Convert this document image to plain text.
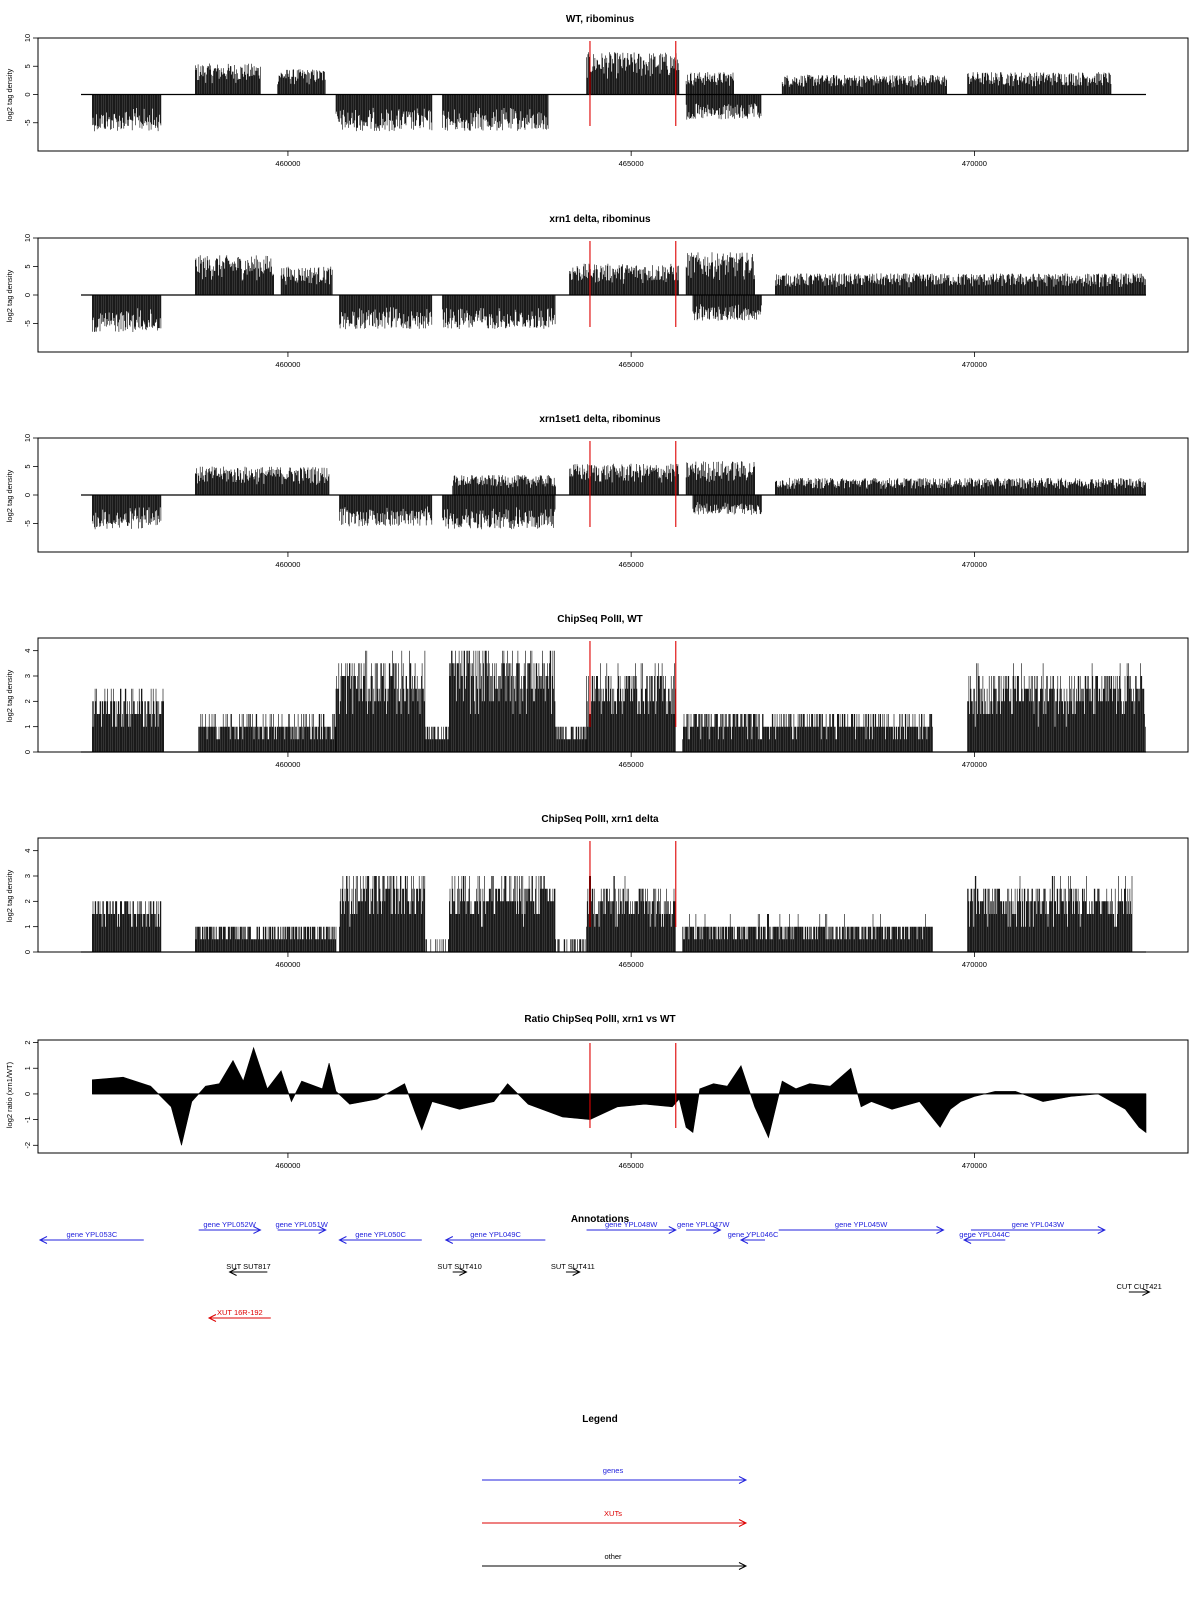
WT, ribominus
log2 tag density
-5
0
5
10
460000	465000	470000
xrn1 delta, ribominus
log2 tag density
-5
0
5
10
460000	465000	470000
xrn1set1 delta, ribominus
log2 tag density
-5
0
5
10
460000	465000	470000
ChipSeq PolII, WT
log2 tag density
0
1
2
3
4
460000	465000	470000
ChipSeq PolII, xrn1 delta
log2 tag density
0
1
2
3
4
460000	465000	470000
Ratio ChipSeq PolII, xrn1 vs WT
log2 ratio (xrn1/WT)
-2
-1
0
1
2
460000	465000	470000
Annotations
gene YPL053C
gene YPL052W	gene YPL051W
gene YPL050C	gene YPL049C
gene YPL048W	gene YPL047W
gene YPL046C
gene YPL045W
gene YPL044C
gene YPL043W
SUT SUT817	SUT SUT410	SUT SUT411
CUT CUT421
XUT 16R-192
Legend
genes
XUTs
other
